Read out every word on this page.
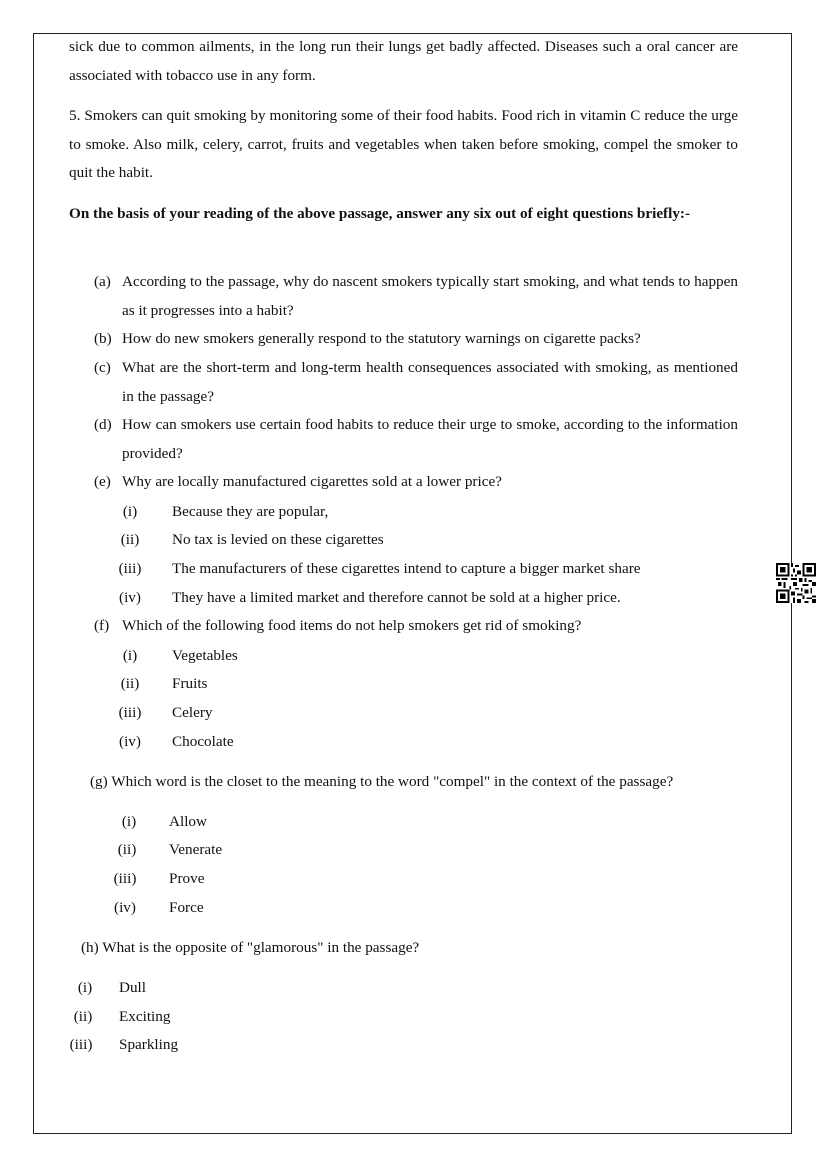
sick due to common ailments, in the long run their lungs get badly affected. Diseases such a oral cancer are associated with tobacco use in any form.

5. Smokers can quit smoking by monitoring some of their food habits. Food rich in vitamin C reduce the urge to smoke. Also milk, celery, carrot, fruits and vegetables when taken before smoking, compel the smoker to quit the habit.

On the basis of your reading of the above passage, answer any six out of eight questions briefly:-

(a) According to the passage, why do nascent smokers typically start smoking, and what tends to happen as it progresses into a habit?
(b) How do new smokers generally respond to the statutory warnings on cigarette packs?
(c) What are the short-term and long-term health consequences associated with smoking, as mentioned in the passage?
(d) How can smokers use certain food habits to reduce their urge to smoke, according to the information provided?
(e) Why are locally manufactured cigarettes sold at a lower price?
(i)	Because they are popular,
(ii)	No tax is levied on these cigarettes
(iii)	The manufacturers of these cigarettes intend to capture a bigger market share
(iv)	They have a limited market and therefore cannot be sold at a higher price.
(f) Which of the following food items do not help smokers get rid of smoking?
(i)	Vegetables
(ii)	Fruits
(iii)	Celery
(iv)	Chocolate
(g) Which word is the closet to the meaning to the word "compel" in the context of the passage?
(i)	Allow
(ii)	Venerate
(iii)	Prove
(iv)	Force
(h) What is the opposite of "glamorous" in the passage?
(i)	Dull
(ii)	Exciting
(iii)	Sparkling
